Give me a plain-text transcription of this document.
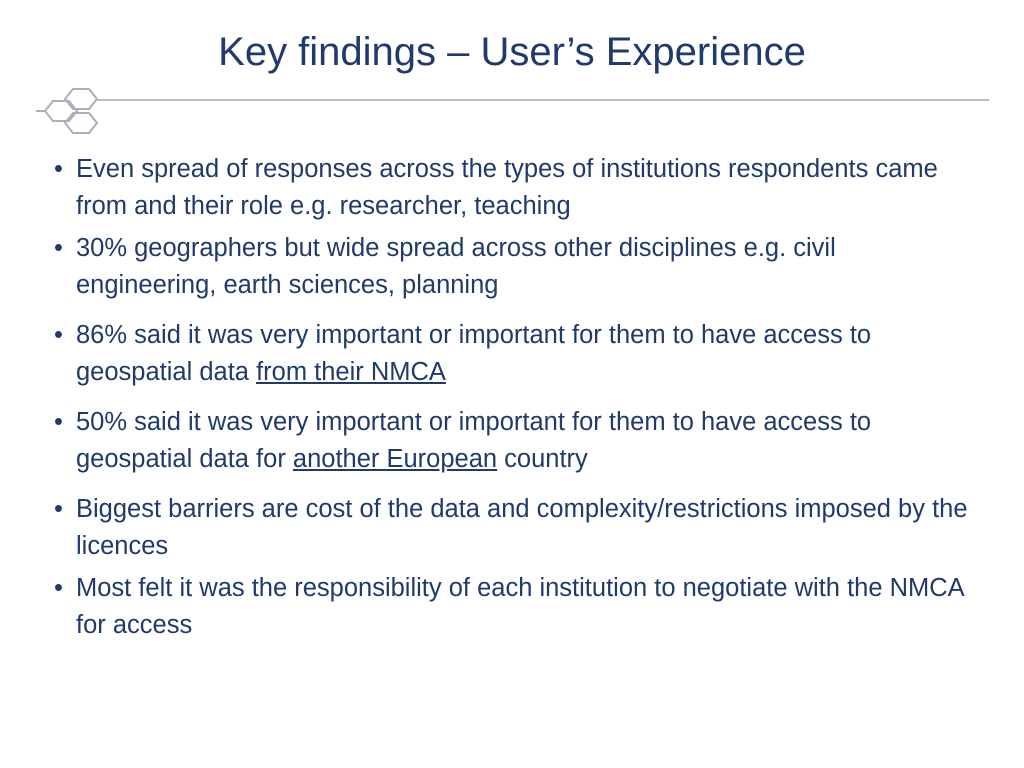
Key findings – User’s Experience
• Even spread of responses across the types of institutions respondents came from and their role e.g. researcher, teaching
• 30% geographers but wide spread across other disciplines e.g. civil engineering, earth sciences, planning
• 86% said it was very important or important for them to have access to geospatial data from their NMCA
• 50% said it was very important or important for them to have access to geospatial data for another European country
• Biggest barriers are cost of the data and complexity/restrictions imposed by the licences
• Most felt it was the responsibility of each institution to negotiate with the NMCA for access
